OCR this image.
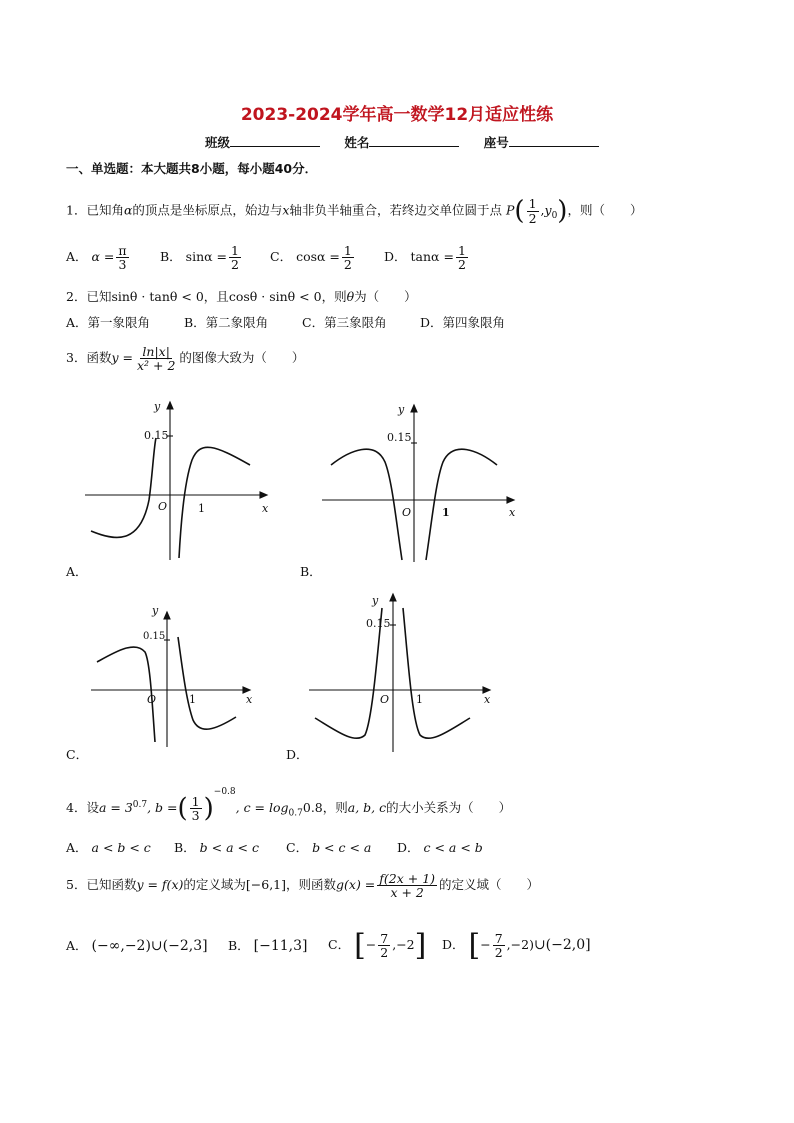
2023-2024学年高一数学12月适应性练
班级	姓名	座号
一、单选题：本大题共8小题，每小题40分．
1．已知角α的顶点是坐标原点，始边与x轴非负半轴重合，若终边交单位圆于点 $P( \frac{1}{2} ,y_0)$，则（　　）
A． $\alpha = \frac{\pi}{3}$	B． $\sin\alpha = \frac{1}{2}$ C． $\cos\alpha = \frac{1}{2}$ D． $\tan\alpha = \frac{1}{2}$
2．已知sinθ · tanθ < 0，且cosθ · sinθ < 0，则θ为（　　）
A．第一象限角	B．第二象限角	C．第三象限角	D．第四象限角
3．函数$y = \frac{\ln|x|}{\text{x² + 2}}$ 的图像大致为（　　）
y
0.15
O	1	x
y
0.15
O	1	x
y
0.15
O	1	x
y
0.15
O 1	x
A．	B．
C．	D．
4．设$a = 3^{0.7}$, b =( $\frac{1}{3} )^{-0.8}$, $c = \log_{0.7}0.8$，则a, b, c的大小关系为（　　）
A． a < b < c B． b < a < c C． b < c < a D． c < a < b
5．已知函数y = f(x)的定义域为[−6,1]，则函数$g(x) = \frac{f(2x + 1)}{x + 2}$ 的定义域（　　）
A． (−∞,−2)∪(−2,3] B． [−11,3] C． [− $\frac{7}{2} ,-2$] D． [− $\frac{7}{2}$ ,−2)∪(−2,0]
